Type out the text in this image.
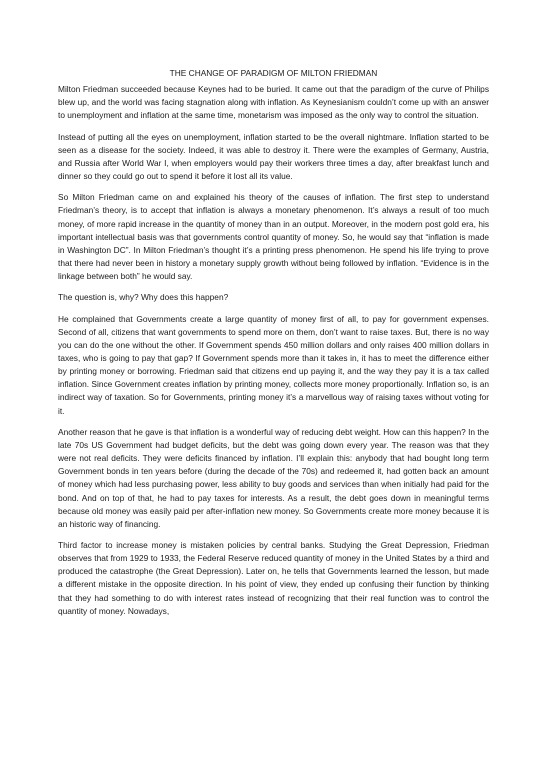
THE CHANGE OF PARADIGM OF MILTON FRIEDMAN

Milton Friedman succeeded because Keynes had to be buried. It came out that the paradigm of the curve of Philips blew up, and the world was facing stagnation along with inflation. As Keynesianism couldn’t come up with an answer to unemployment and inflation at the same time, monetarism was imposed as the only way to control the situation.

Instead of putting all the eyes on unemployment, inflation started to be the overall nightmare. Inflation started to be seen as a disease for the society. Indeed, it was able to destroy it. There were the examples of Germany, Austria, and Russia after World War I, when employers would pay their workers three times a day, after breakfast lunch and dinner so they could go out to spend it before it lost all its value.

So Milton Friedman came on and explained his theory of the causes of inflation. The first step to understand Friedman’s theory, is to accept that inflation is always a monetary phenomenon. It’s always a result of too much money, of more rapid increase in the quantity of money than in an output. Moreover, in the modern post gold era, his important intellectual basis was that governments control quantity of money. So, he would say that “inflation is made in Washington DC”. In Milton Friedman’s thought it’s a printing press phenomenon. He spend his life trying to prove that there had never been in history a monetary supply growth without being followed by inflation. “Evidence is in the linkage between both” he would say.

The question is, why? Why does this happen?

He complained that Governments create a large quantity of money first of all, to pay for government expenses. Second of all, citizens that want governments to spend more on them, don’t want to raise taxes. But, there is no way you can do the one without the other. If Government spends 450 million dollars and only raises 400 million dollars in taxes, who is going to pay that gap? If Government spends more than it takes in, it has to meet the difference either by printing money or borrowing. Friedman said that citizens end up paying it, and the way they pay it is a tax called inflation. Since Government creates inflation by printing money, collects more money proportionally. Inflation so, is an indirect way of taxation. So for Governments, printing money it’s a marvellous way of raising taxes without voting for it.

Another reason that he gave is that inflation is a wonderful way of reducing debt weight. How can this happen? In the late 70s US Government had budget deficits, but the debt was going down every year. The reason was that they were not real deficits. They were deficits financed by inflation. I’ll explain this: anybody that had bought long term Government bonds in ten years before (during the decade of the 70s) and redeemed it, had gotten back an amount of money which had less purchasing power, less ability to buy goods and services than when initially had paid for the bond. And on top of that, he had to pay taxes for interests. As a result, the debt goes down in meaningful terms because old money was easily paid per after-inflation new money. So Governments create more money because it is an historic way of financing.

Third factor to increase money is mistaken policies by central banks. Studying the Great Depression, Friedman observes that from 1929 to 1933, the Federal Reserve reduced quantity of money in the United States by a third and produced the catastrophe (the Great Depression). Later on, he tells that Governments learned the lesson, but made a different mistake in the opposite direction. In his point of view, they ended up confusing their function by thinking that they had something to do with interest rates instead of recognizing that their real function was to control the quantity of money. Nowadays,
